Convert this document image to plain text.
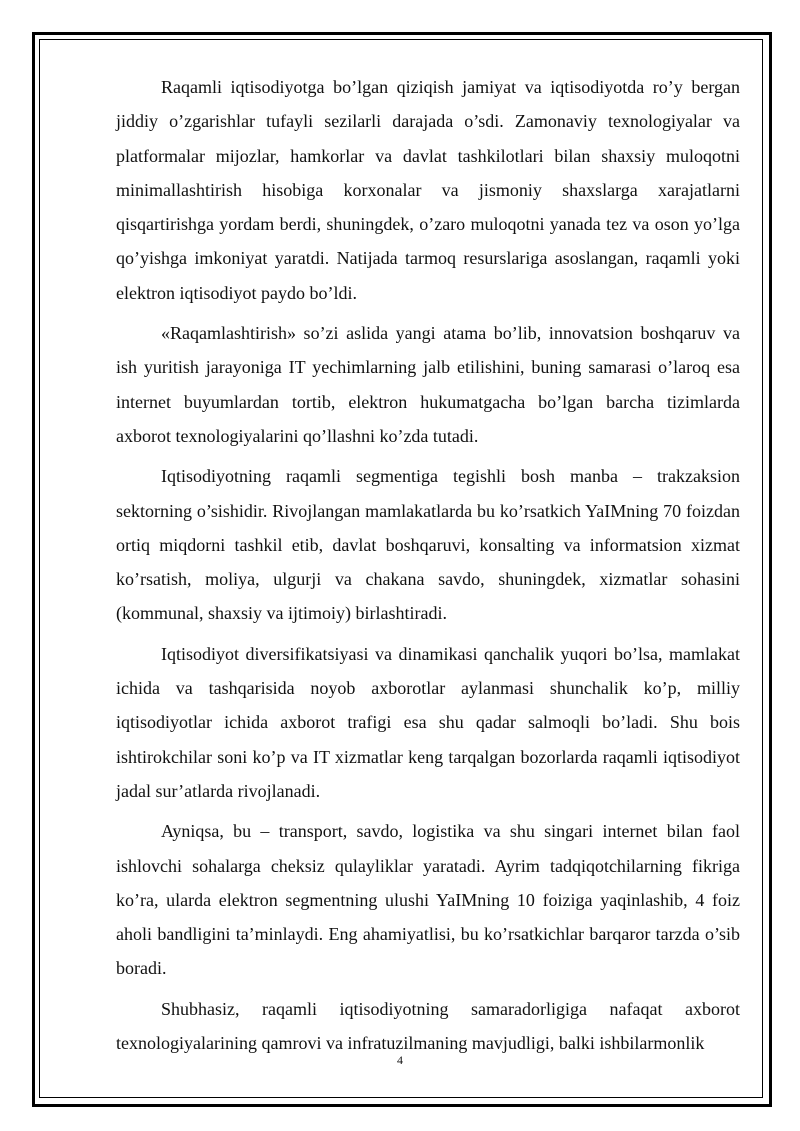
Raqamli iqtisodiyotga bo’lgan qiziqish jamiyat va iqtisodiyotda ro’y bergan jiddiy o’zgarishlar tufayli sezilarli darajada o’sdi. Zamonaviy texnologiyalar va platformalar mijozlar, hamkorlar va davlat tashkilotlari bilan shaxsiy muloqotni minimallashtirish hisobiga korxonalar va jismoniy shaxslarga xarajatlarni qisqartirishga yordam berdi, shuningdek, o’zaro muloqotni yanada tez va oson yo’lga qo’yishga imkoniyat yaratdi. Natijada tarmoq resurslariga asoslangan, raqamli yoki elektron iqtisodiyot paydo bo’ldi.

«Raqamlashtirish» so’zi aslida yangi atama bo’lib, innovatsion boshqaruv va ish yuritish jarayoniga IT yechimlarning jalb etilishini, buning samarasi o’laroq esa internet buyumlardan tortib, elektron hukumatgacha bo’lgan barcha tizimlarda axborot texnologiyalarini qo’llashni ko’zda tutadi.

Iqtisodiyotning raqamli segmentiga tegishli bosh manba – trakzaksion sektorning o’sishidir. Rivojlangan mamlakatlarda bu ko’rsatkich YaIMning 70 foizdan ortiq miqdorni tashkil etib, davlat boshqaruvi, konsalting va informatsion xizmat ko’rsatish, moliya, ulgurji va chakana savdo, shuningdek, xizmatlar sohasini (kommunal, shaxsiy va ijtimoiy) birlashtiradi.

Iqtisodiyot diversifikatsiyasi va dinamikasi qanchalik yuqori bo’lsa, mamlakat ichida va tashqarisida noyob axborotlar aylanmasi shunchalik ko’p, milliy iqtisodiyotlar ichida axborot trafigi esa shu qadar salmoqli bo’ladi. Shu bois ishtirokchilar soni ko’p va IT xizmatlar keng tarqalgan bozorlarda raqamli iqtisodiyot jadal sur’atlarda rivojlanadi.

Ayniqsa, bu – transport, savdo, logistika va shu singari internet bilan faol ishlovchi sohalarga cheksiz qulayliklar yaratadi. Ayrim tadqiqotchilarning fikriga ko’ra, ularda elektron segmentning ulushi YaIMning 10 foiziga yaqinlashib, 4 foiz aholi bandligini ta’minlaydi. Eng ahamiyatlisi, bu ko’rsatkichlar barqaror tarzda o’sib boradi.

Shubhasiz, raqamli iqtisodiyotning samaradorligiga nafaqat axborot texnologiyalarining qamrovi va infratuzilmaning mavjudligi, balki ishbilarmonlik

4
